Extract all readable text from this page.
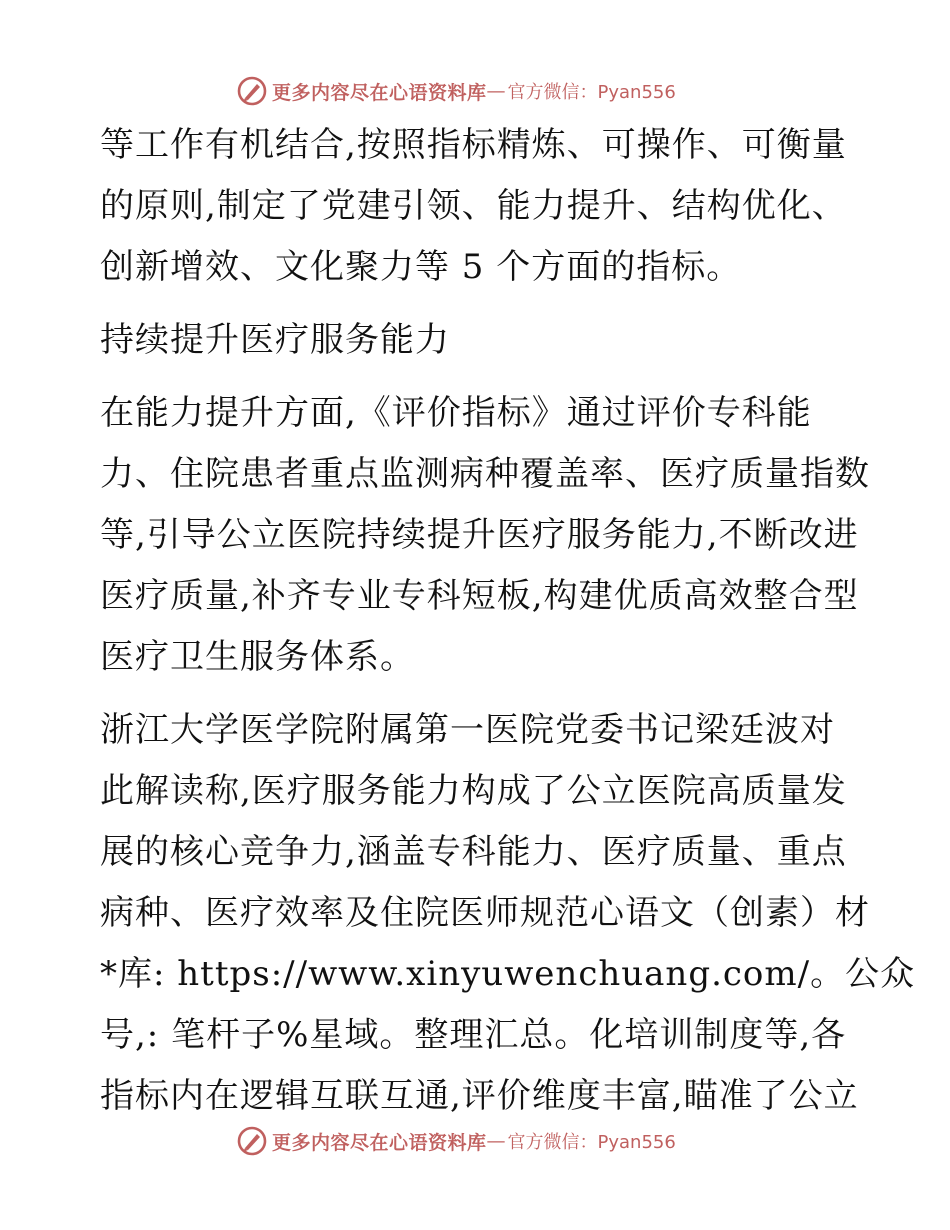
更多内容尽在心语资料库 — 官方微信：Pyan556
等工作有机结合,按照指标精炼、可操作、可衡量
的原则,制定了党建引领、能力提升、结构优化、
创新增效、文化聚力等 5 个方面的指标。
持续提升医疗服务能力
在能力提升方面,《评价指标》通过评价专科能
力、住院患者重点监测病种覆盖率、医疗质量指数
等,引导公立医院持续提升医疗服务能力,不断改进
医疗质量,补齐专业专科短板,构建优质高效整合型
医疗卫生服务体系。
浙江大学医学院附属第一医院党委书记梁廷波对
此解读称,医疗服务能力构成了公立医院高质量发
展的核心竞争力,涵盖专科能力、医疗质量、重点
病种、医疗效率及住院医师规范心语文（创素）材
*库: https://www.xinyuwenchuang.com/。公众
号,: 笔杆子%星域。整理汇总。化培训制度等,各
指标内在逻辑互联互通,评价维度丰富,瞄准了公立
更多内容尽在心语资料库 — 官方微信：Pyan556
